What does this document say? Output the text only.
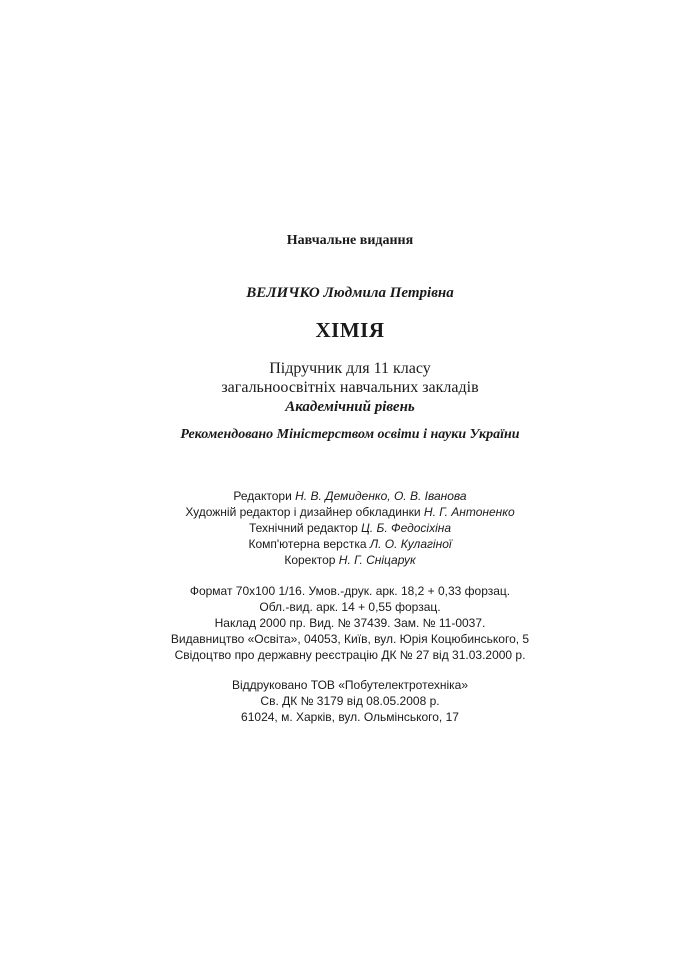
Навчальне видання
ВЕЛИЧКО Людмила Петрівна
ХІМІЯ
Підручник для 11 класу
загальноосвітніх навчальних закладів
Академічний рівень
Рекомендовано Міністерством освіти і науки України
Редактори Н. В. Демиденко, О. В. Іванова
Художній редактор і дизайнер обкладинки Н. Г. Антоненко
Технічний редактор Ц. Б. Федосіхіна
Комп'ютерна верстка Л. О. Кулагіної
Коректор Н. Г. Сніцарук
Формат 70х100 1/16. Умов.-друк. арк. 18,2 + 0,33 форзац.
Обл.-вид. арк. 14 + 0,55 форзац.
Наклад 2000 пр. Вид. № 37439. Зам. № 11-0037.
Видавництво «Освіта», 04053, Київ, вул. Юрія Коцюбинського, 5
Свідоцтво про державну реєстрацію ДК № 27 від 31.03.2000 р.
Віддруковано ТОВ «Побутелектротехніка»
Св. ДК № 3179 від 08.05.2008 р.
61024, м. Харків, вул. Ольмінського, 17
